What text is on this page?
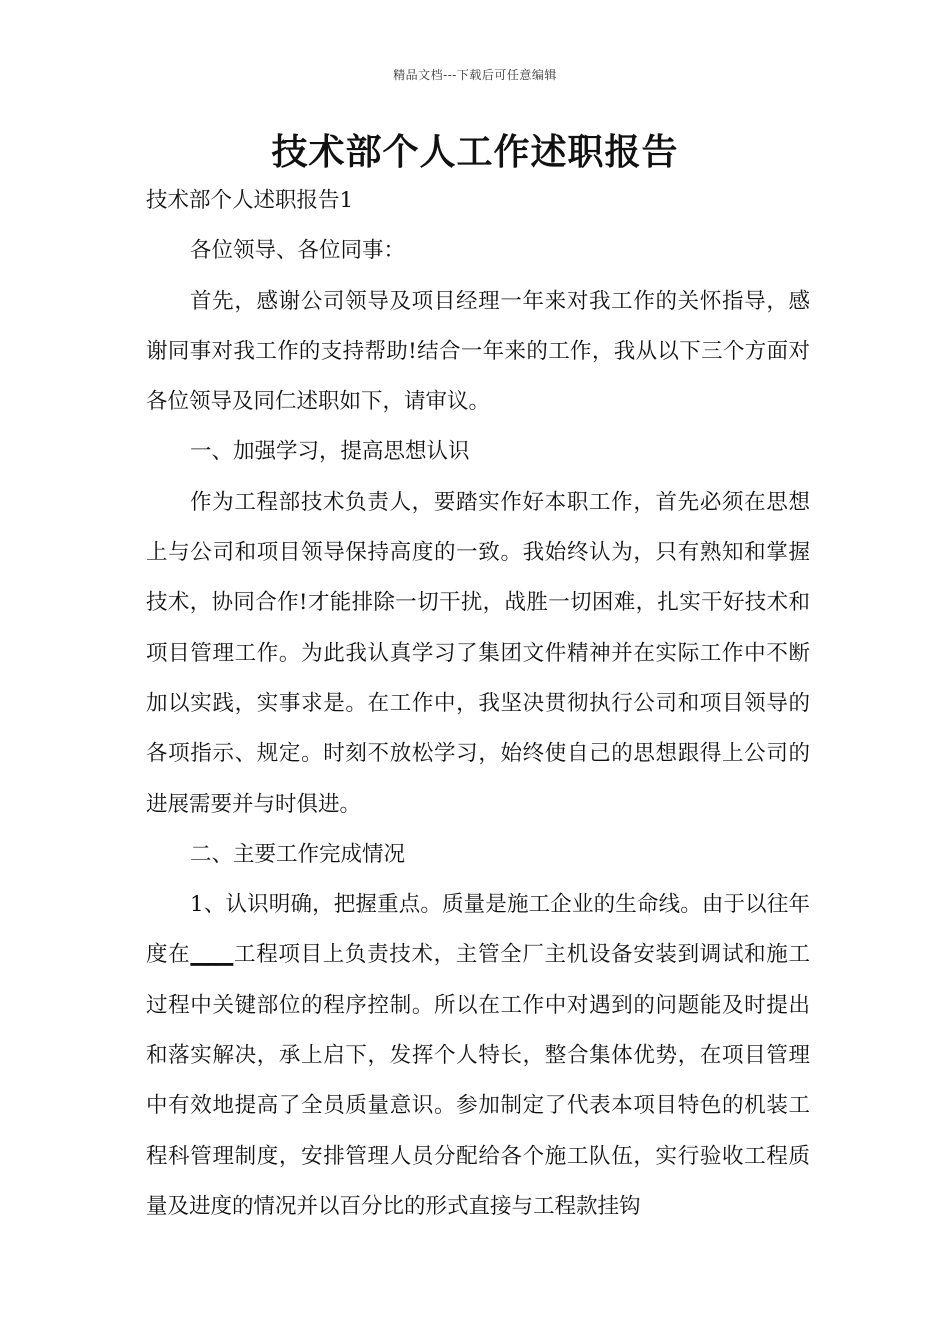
精品文档---下载后可任意编辑
技术部个人工作述职报告

技术部个人述职报告1

各位领导、各位同事：

首先，感谢公司领导及项目经理一年来对我工作的关怀指导，感谢同事对我工作的支持帮助!结合一年来的工作，我从以下三个方面对各位领导及同仁述职如下，请审议。

一、加强学习，提高思想认识

作为工程部技术负责人，要踏实作好本职工作，首先必须在思想上与公司和项目领导保持高度的一致。我始终认为，只有熟知和掌握技术，协同合作!才能排除一切干扰，战胜一切困难，扎实干好技术和项目管理工作。为此我认真学习了集团文件精神并在实际工作中不断加以实践，实事求是。在工作中，我坚决贯彻执行公司和项目领导的各项指示、规定。时刻不放松学习，始终使自己的思想跟得上公司的进展需要并与时俱进。

二、主要工作完成情况

1、认识明确，把握重点。质量是施工企业的生命线。由于以往年度在____工程项目上负责技术，主管全厂主机设备安装到调试和施工过程中关键部位的程序控制。所以在工作中对遇到的问题能及时提出和落实解决，承上启下，发挥个人特长，整合集体优势，在项目管理中有效地提高了全员质量意识。参加制定了代表本项目特色的机装工程科管理制度，安排管理人员分配给各个施工队伍，实行验收工程质量及进度的情况并以百分比的形式直接与工程款挂钩
